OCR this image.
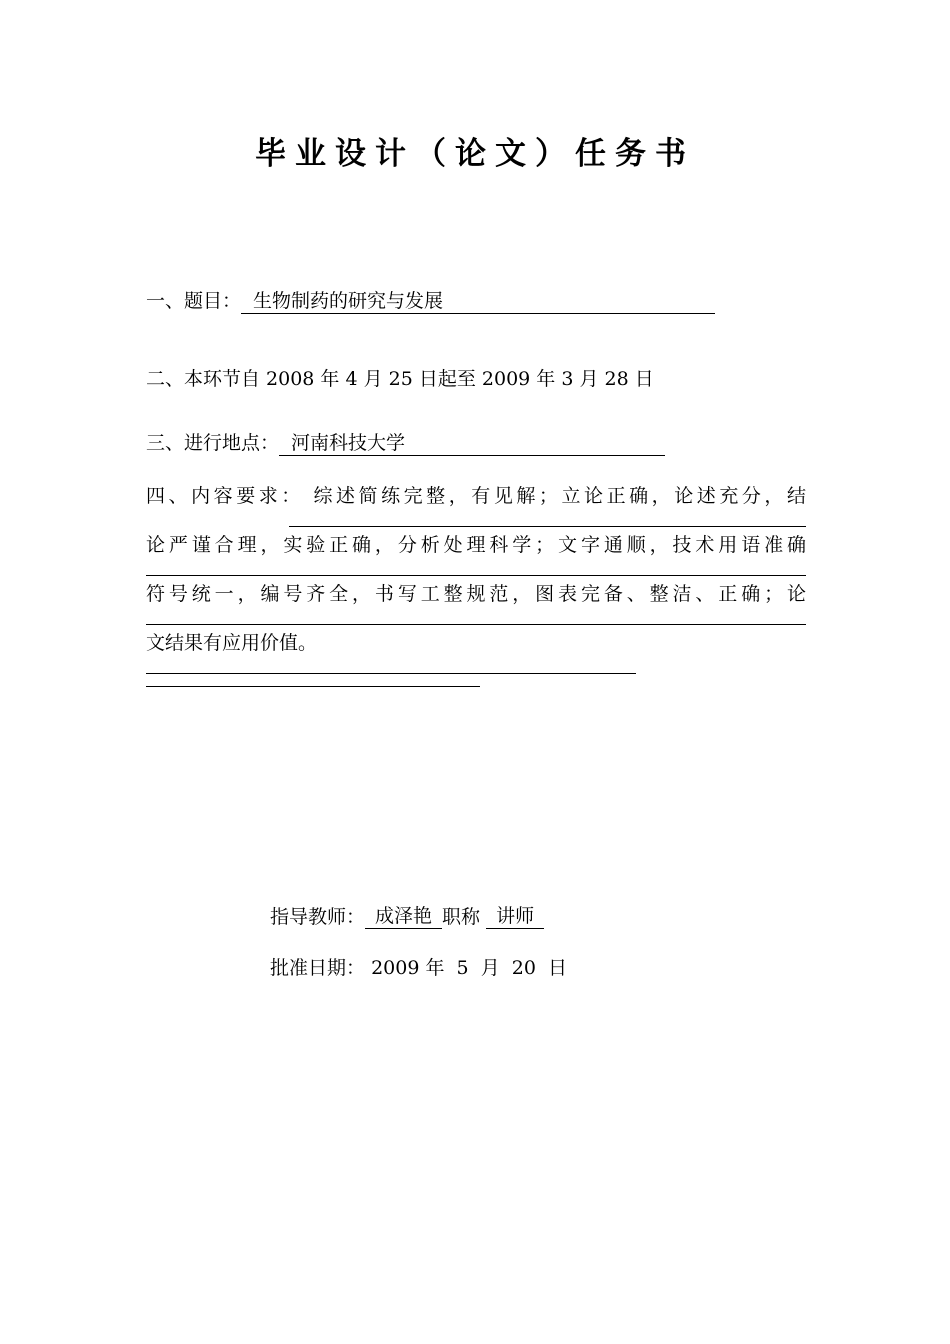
毕业设计（论文）任务书
一、题目： 生物制药的研究与发展
二、本环节自 2008 年 4 月 25 日起至 2009 年 3 月 28 日
三、进行地点： 河南科技大学
四、内容要求： 综述简练完整，有见解；立论正确，论述充分，结
论严谨合理，实验正确，分析处理科学；文字通顺，技术用语准确
符号统一，编号齐全，书写工整规范，图表完备、整洁、正确；论
文结果有应用价值。
指导教师： 成泽艳 职称 讲师
批准日期： 2009 年  5  月  20  日
